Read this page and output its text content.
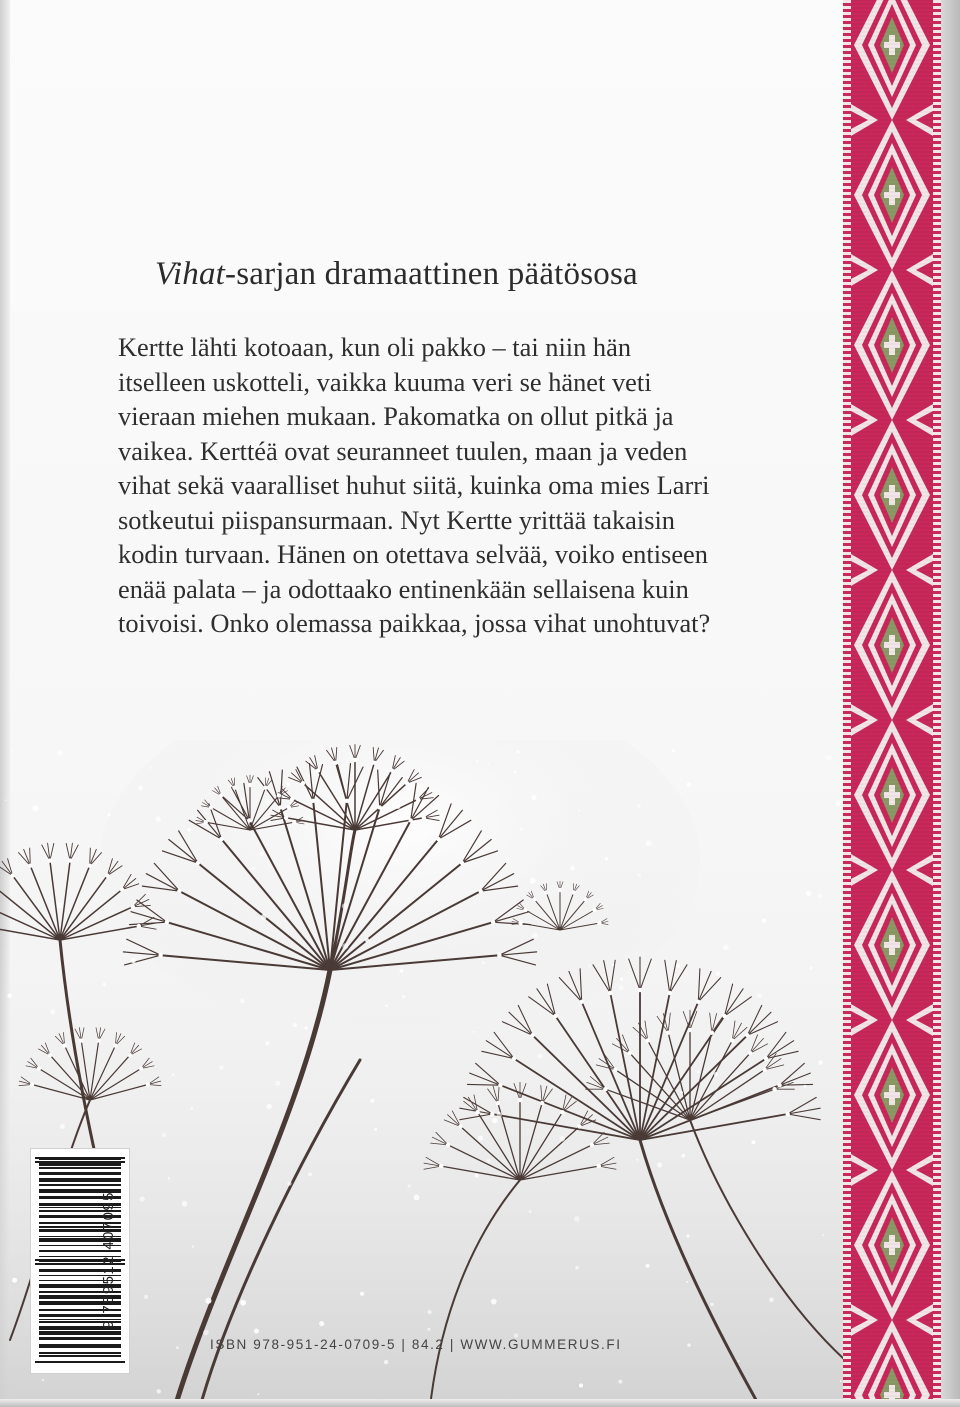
Vihat-sarjan dramaattinen päätösosa
Kertte lähti kotoaan, kun oli pakko – tai niin hän
itselleen uskotteli, vaikka kuuma veri se hänet veti
vieraan miehen mukaan. Pakomatka on ollut pitkä ja
vaikea. Kerttéä ovat seuranneet tuulen, maan ja veden
vihat sekä vaaralliset huhut siitä, kuinka oma mies Larri
sotkeutui piispansurmaan. Nyt Kertte yrittää takaisin
kodin turvaan. Hänen on otettava selvää, voiko entiseen
enää palata – ja odottaako entinenkään sellaisena kuin
toivoisi. Onko olemassa paikkaa, jossa vihat unohtuvat?
9 789512 407095
ISBN 978-951-24-0709-5 | 84.2 | WWW.GUMMERUS.FI
